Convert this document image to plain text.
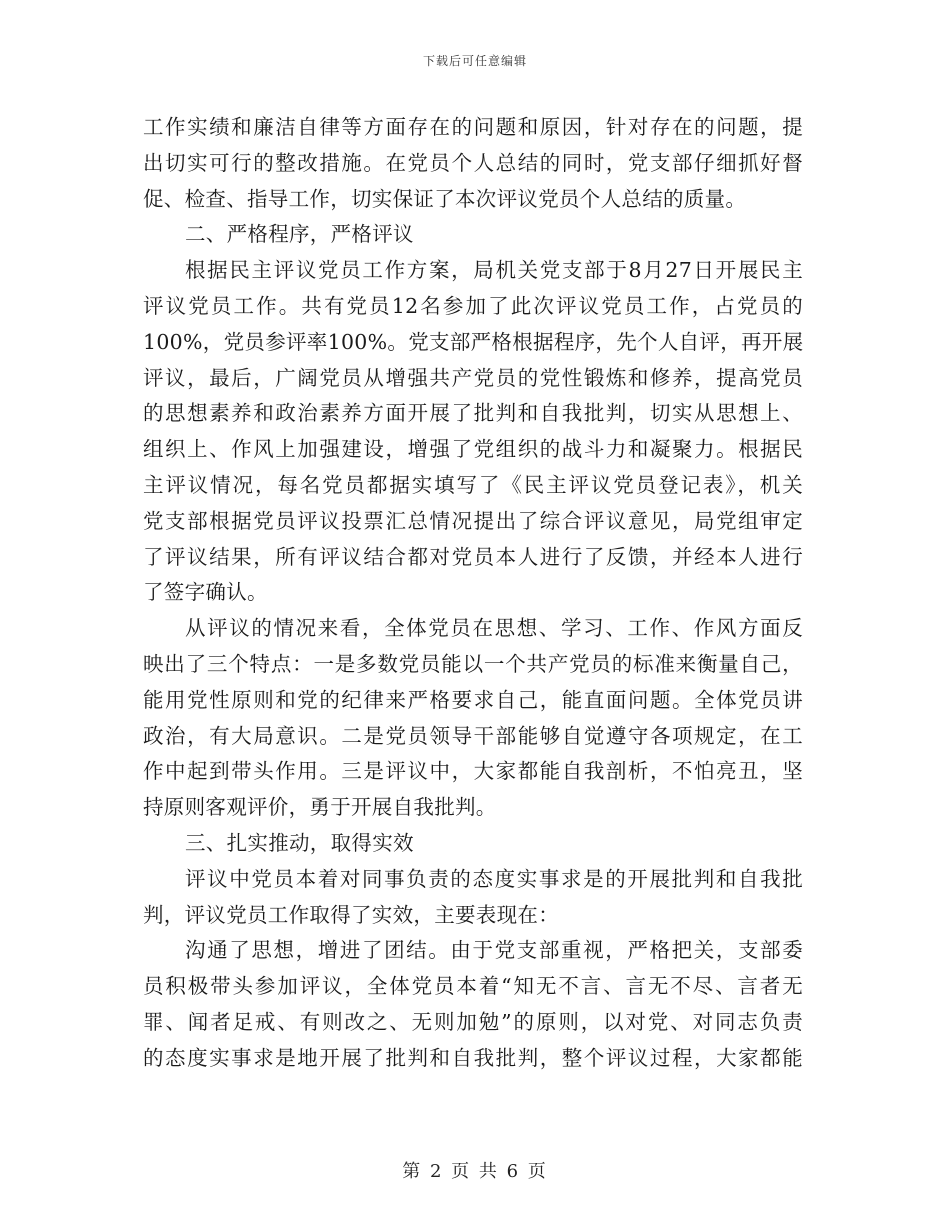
下载后可任意编辑
工作实绩和廉洁自律等方面存在的问题和原因，针对存在的问题，提
出切实可行的整改措施。在党员个人总结的同时，党支部仔细抓好督
促、检查、指导工作，切实保证了本次评议党员个人总结的质量。
二、严格程序，严格评议
根据民主评议党员工作方案，局机关党支部于8月27日开展民主
评议党员工作。共有党员12名参加了此次评议党员工作，占党员的
100%，党员参评率100%。党支部严格根据程序，先个人自评，再开展
评议，最后，广阔党员从增强共产党员的党性锻炼和修养，提高党员
的思想素养和政治素养方面开展了批判和自我批判，切实从思想上、
组织上、作风上加强建设，增强了党组织的战斗力和凝聚力。根据民
主评议情况，每名党员都据实填写了《民主评议党员登记表》，机关
党支部根据党员评议投票汇总情况提出了综合评议意见，局党组审定
了评议结果，所有评议结合都对党员本人进行了反馈，并经本人进行
了签字确认。
从评议的情况来看，全体党员在思想、学习、工作、作风方面反
映出了三个特点：一是多数党员能以一个共产党员的标准来衡量自己，
能用党性原则和党的纪律来严格要求自己，能直面问题。全体党员讲
政治，有大局意识。二是党员领导干部能够自觉遵守各项规定，在工
作中起到带头作用。三是评议中，大家都能自我剖析，不怕亮丑，坚
持原则客观评价，勇于开展自我批判。
三、扎实推动，取得实效
评议中党员本着对同事负责的态度实事求是的开展批判和自我批
判，评议党员工作取得了实效，主要表现在：
沟通了思想，增进了团结。由于党支部重视，严格把关，支部委
员积极带头参加评议，全体党员本着“知无不言、言无不尽、言者无
罪、闻者足戒、有则改之、无则加勉”的原则，以对党、对同志负责
的态度实事求是地开展了批判和自我批判，整个评议过程，大家都能
第 2 页 共 6 页
